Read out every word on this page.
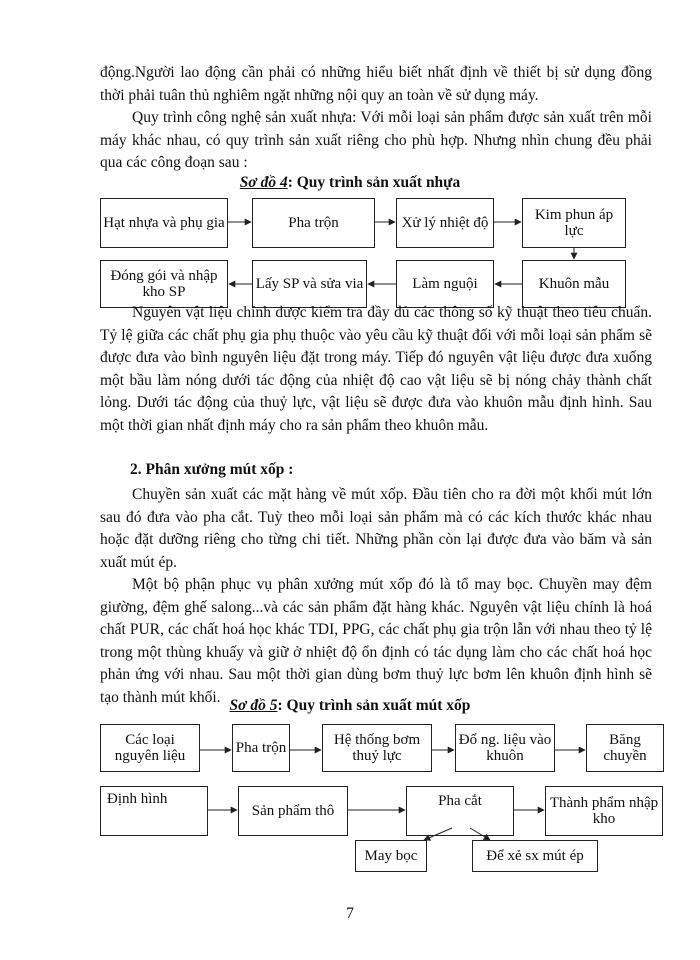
động.Người lao động cần phải có những hiểu biết nhất định về thiết bị sử dụng đồng thời phải tuân thủ nghiêm ngặt những nội quy an toàn về sử dụng máy.

Quy trình công nghệ sản xuất nhựa: Với mỗi loại sản phẩm được sản xuất trên mỗi máy khác nhau, có quy trình sản xuất riêng cho phù hợp. Nhưng nhìn chung đều phải qua các công đoạn sau :

Sơ đồ 4: Quy trình sản xuất nhựa

Hạt nhựa và phụ gia	Pha trộn	Xử lý nhiệt độ	Kim phun áp lực
Khuôn mẫu
Làm nguội
Lấy SP và sửa via
Đóng gói và nhập kho SP

Nguyên vật liệu chính được kiểm tra đầy đủ các thông số kỹ thuật theo tiêu chuẩn. Tỷ lệ giữa các chất phụ gia phụ thuộc vào yêu cầu kỹ thuật đối với mỗi loại sản phẩm sẽ được đưa vào bình nguyên liệu đặt trong máy. Tiếp đó nguyên vật liệu được đưa xuống một bầu làm nóng dưới tác động của nhiệt độ cao vật liệu sẽ bị nóng chảy thành chất lỏng. Dưới tác động của thuỷ lực, vật liệu sẽ được đưa vào khuôn mẫu định hình. Sau một thời gian nhất định máy cho ra sản phẩm theo khuôn mẫu.

2. Phân xưởng mút xốp :

Chuyền sản xuất các mặt hàng về mút xốp. Đầu tiên cho ra đời một khối mút lớn sau đó đưa vào pha cắt. Tuỳ theo mỗi loại sản phẩm mà có các kích thước khác nhau hoặc đặt dưỡng riêng cho từng chi tiết. Những phần còn lại được đưa vào băm và sản xuất mút ép.

Một bộ phận phục vụ phân xưởng mút xốp đó là tổ may bọc. Chuyền may đệm giường, đệm ghế salong...và các sản phẩm đặt hàng khác. Nguyên vật liệu chính là hoá chất PUR, các chất hoá học khác TDI, PPG, các chất phụ gia trộn lẫn với nhau theo tỷ lệ trong một thùng khuấy và giữ ở nhiệt độ ổn định có tác dụng làm cho các chất hoá học phản ứng với nhau. Sau một thời gian dùng bơm thuỷ lực bơm lên khuôn định hình sẽ tạo thành mút khối. Sơ đồ 5: Quy trình sản xuất mút xốp

Các loại nguyên liệu	Pha trộn	Hệ thống bơm thuỷ lực
Đổ ng. liệu vào khuôn
Băng chuyền
Định hình
Sản phẩm thô
Pha cắt	Thành phẩm nhập kho
May bọc	Để xẻ sx mút ép
7
